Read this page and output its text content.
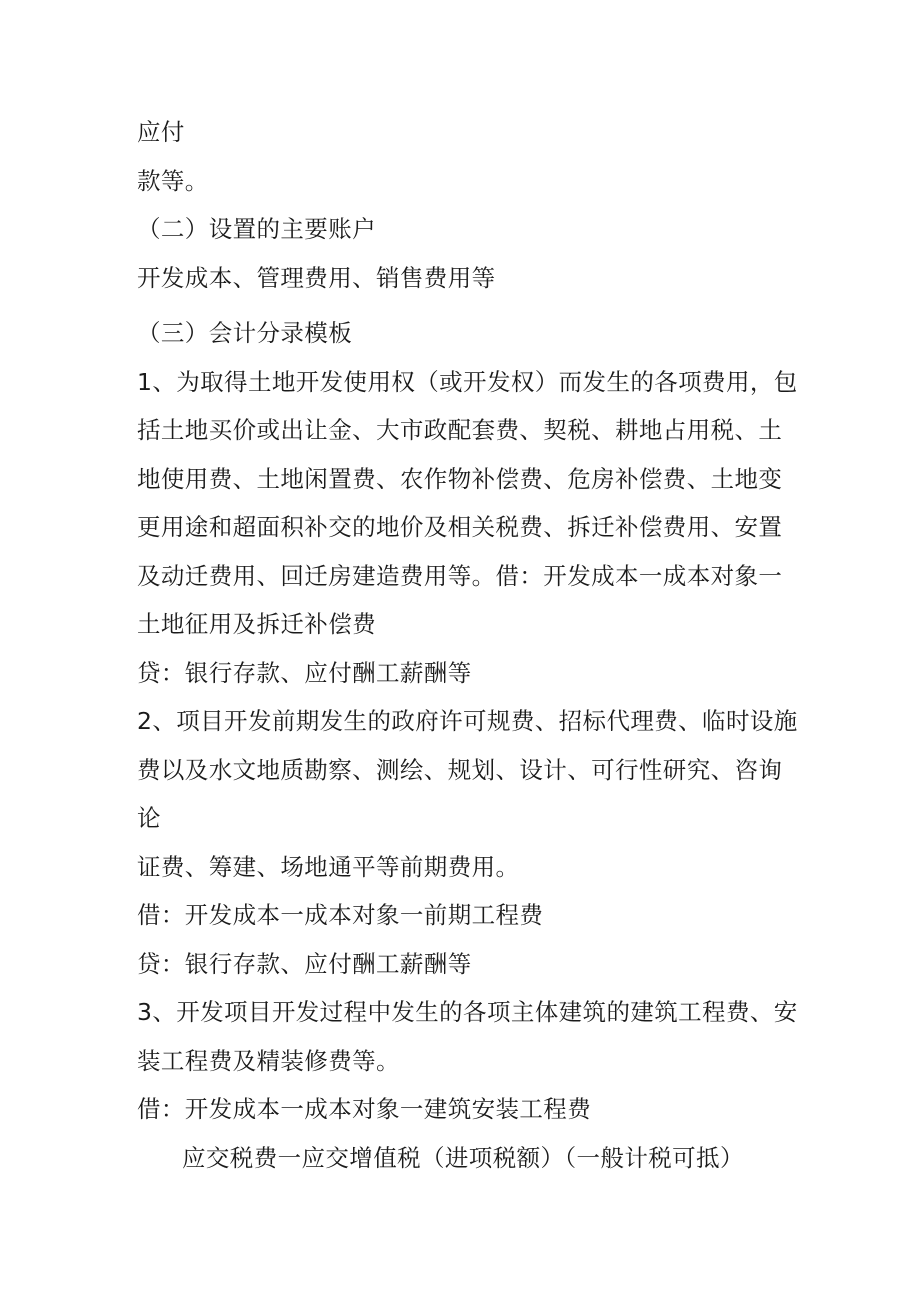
应付
款等。
（二）设置的主要账户
开发成本、管理费用、销售费用等
（三）会计分录模板
1、为取得土地开发使用权（或开发权）而发生的各项费用，包
括土地买价或出让金、大市政配套费、契税、耕地占用税、土
地使用费、土地闲置费、农作物补偿费、危房补偿费、土地变
更用途和超面积补交的地价及相关税费、拆迁补偿费用、安置
及动迁费用、回迁房建造费用等。借：开发成本一成本对象一
土地征用及拆迁补偿费
贷：银行存款、应付酬工薪酬等
2、项目开发前期发生的政府许可规费、招标代理费、临时设施
费以及水文地质勘察、测绘、规划、设计、可行性研究、咨询
论
证费、筹建、场地通平等前期费用。
借：开发成本一成本对象一前期工程费
贷：银行存款、应付酬工薪酬等
3、开发项目开发过程中发生的各项主体建筑的建筑工程费、安
装工程费及精装修费等。
借：开发成本一成本对象一建筑安装工程费
应交税费一应交增值税（进项税额）（一般计税可抵）
